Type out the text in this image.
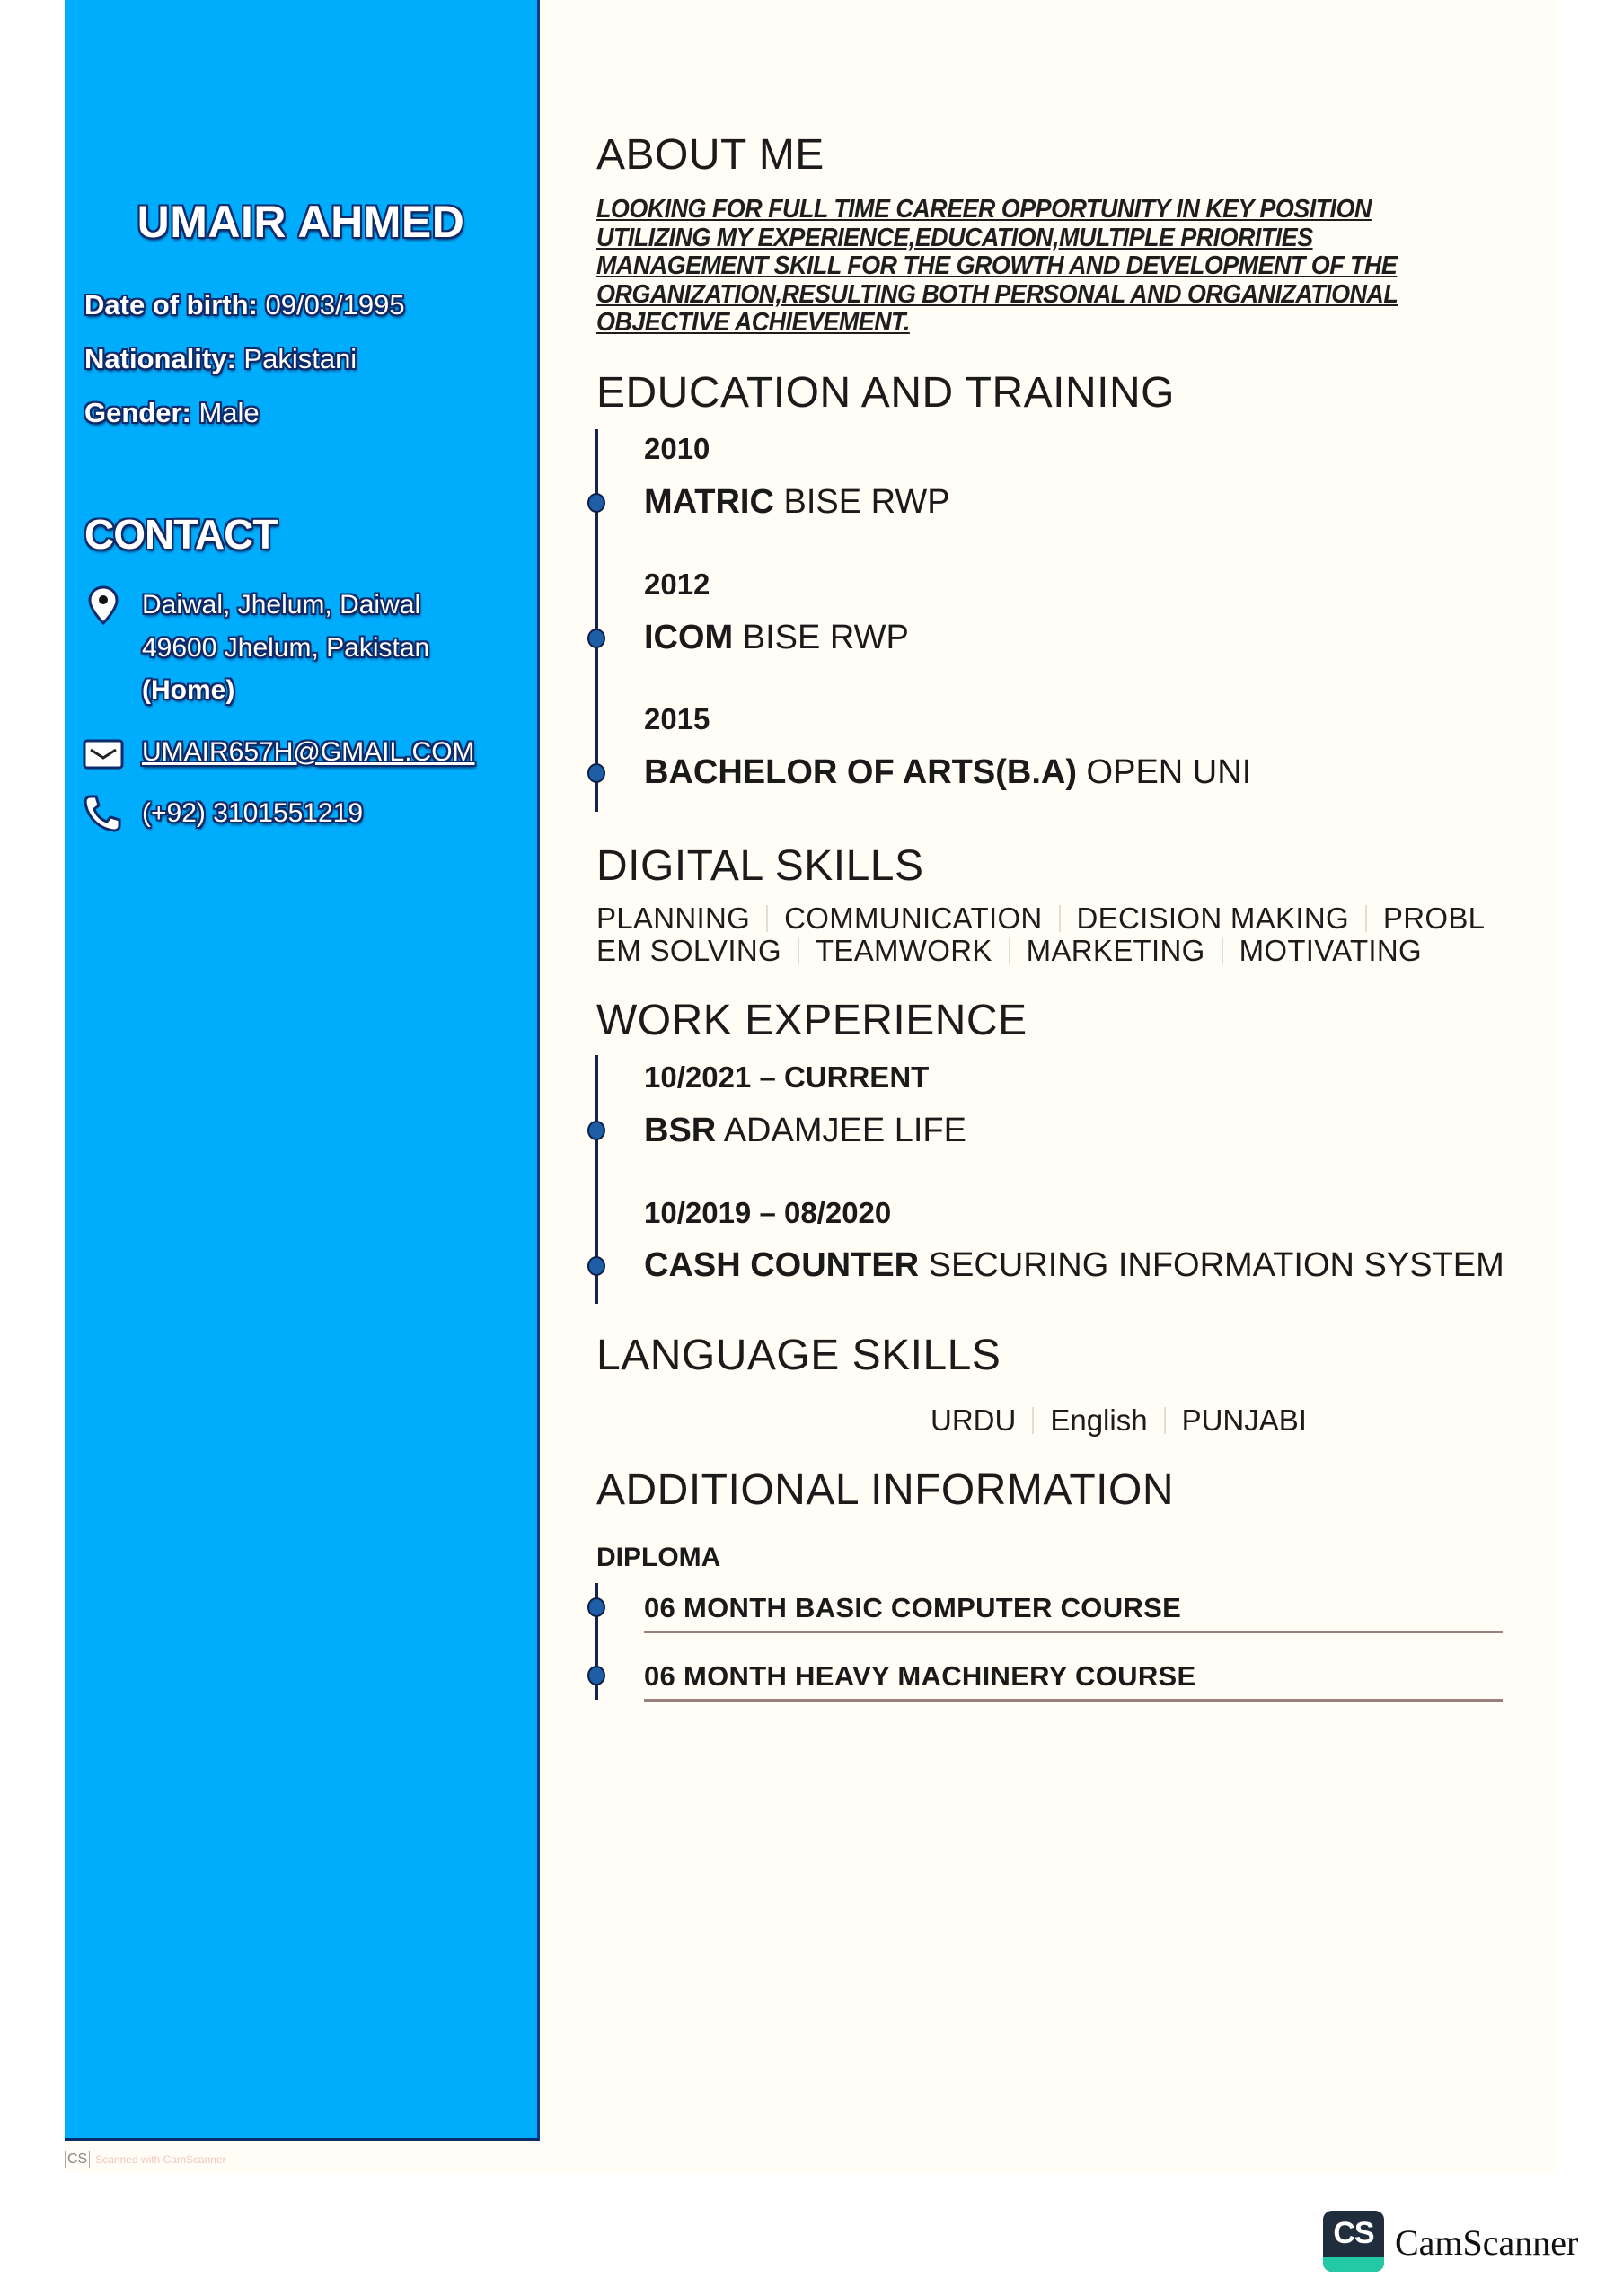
UMAIR AHMED
Date of birth: 09/03/1995
Nationality: Pakistani
Gender: Male
CONTACT
Daiwal, Jhelum, Daiwal
49600 Jhelum, Pakistan
(Home)
UMAIR657H@GMAIL.COM
(+92) 3101551219
ABOUT ME
LOOKING FOR FULL TIME CAREER OPPORTUNITY IN KEY POSITION UTILIZING MY EXPERIENCE,EDUCATION,MULTIPLE PRIORITIES MANAGEMENT SKILL FOR THE GROWTH AND DEVELOPMENT OF THE ORGANIZATION,RESULTING BOTH PERSONAL AND ORGANIZATIONAL OBJECTIVE ACHIEVEMENT.
EDUCATION AND TRAINING
2010
MATRIC BISE RWP
2012
ICOM BISE RWP
2015
BACHELOR OF ARTS(B.A) OPEN UNI
DIGITAL SKILLS
PLANNING COMMUNICATION DECISION MAKING PROBL
EM SOLVING TEAMWORK MARKETING MOTIVATING
WORK EXPERIENCE
10/2021 – CURRENT
BSR ADAMJEE LIFE
10/2019 – 08/2020
CASH COUNTER SECURING INFORMATION SYSTEM
LANGUAGE SKILLS
URDU English PUNJABI
ADDITIONAL INFORMATION
DIPLOMA
06 MONTH BASIC COMPUTER COURSE
06 MONTH HEAVY MACHINERY COURSE
CS Scanned with CamScanner
CS CamScanner
